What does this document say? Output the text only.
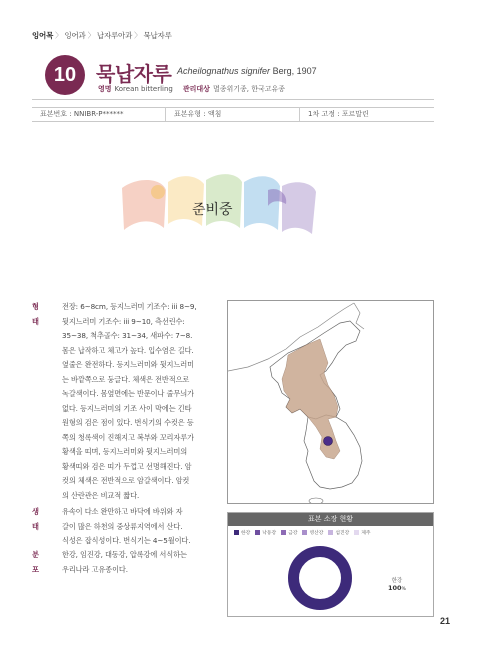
잉어목 〉 잉어과 〉 납자루아과 〉 묵납자루
10 묵납자루 Acheilognathus signifer Berg, 1907
영명 Korean bitterling 관리대상 멸종위기종, 한국고유종
표본번호 : NNIBR-P******	표본유형 : 액침	1차 고정 : 포르말린
준비중
형태
전장: 6~8cm, 등지느러미 기조수: iii 8~9,
뒷지느러미 기조수: iii 9~10, 측선린수:
35~38, 척추골수: 31~34, 새파수: 7~8.
몸은 납작하고 체고가 높다. 입수염은 길다.
옆줄은 완전하다. 등지느러미와 뒷지느러미
는 바깥쪽으로 둥글다. 체색은 전반적으로
녹갈색이다. 몸옆면에는 반문이나 줄무늬가
없다. 등지느러미의 기조 사이 막에는 긴타
원형의 검은 점이 있다. 번식기의 수컷은 등
쪽의 청록색이 진해지고 복부와 꼬리자루가
황색을 띠며, 등지느러미와 뒷지느러미의
황색띠와 검은 띠가 두껍고 선명해진다. 암
컷의 체색은 전반적으로 암갈색이다. 암컷
의 산란관은 비교적 짧다.
생태
유속이 다소 완만하고 바닥에 바위와 자
갈이 많은 하천의 중상류지역에서 산다.
식성은 잡식성이다. 번식기는 4~5월이다.
분포
한강, 임진강, 대동강, 압록강에 서식하는
우리나라 고유종이다.
표본 소장 현황
한강	낙동강	금강	영산강	섬진강	제주
한강
100%
21
